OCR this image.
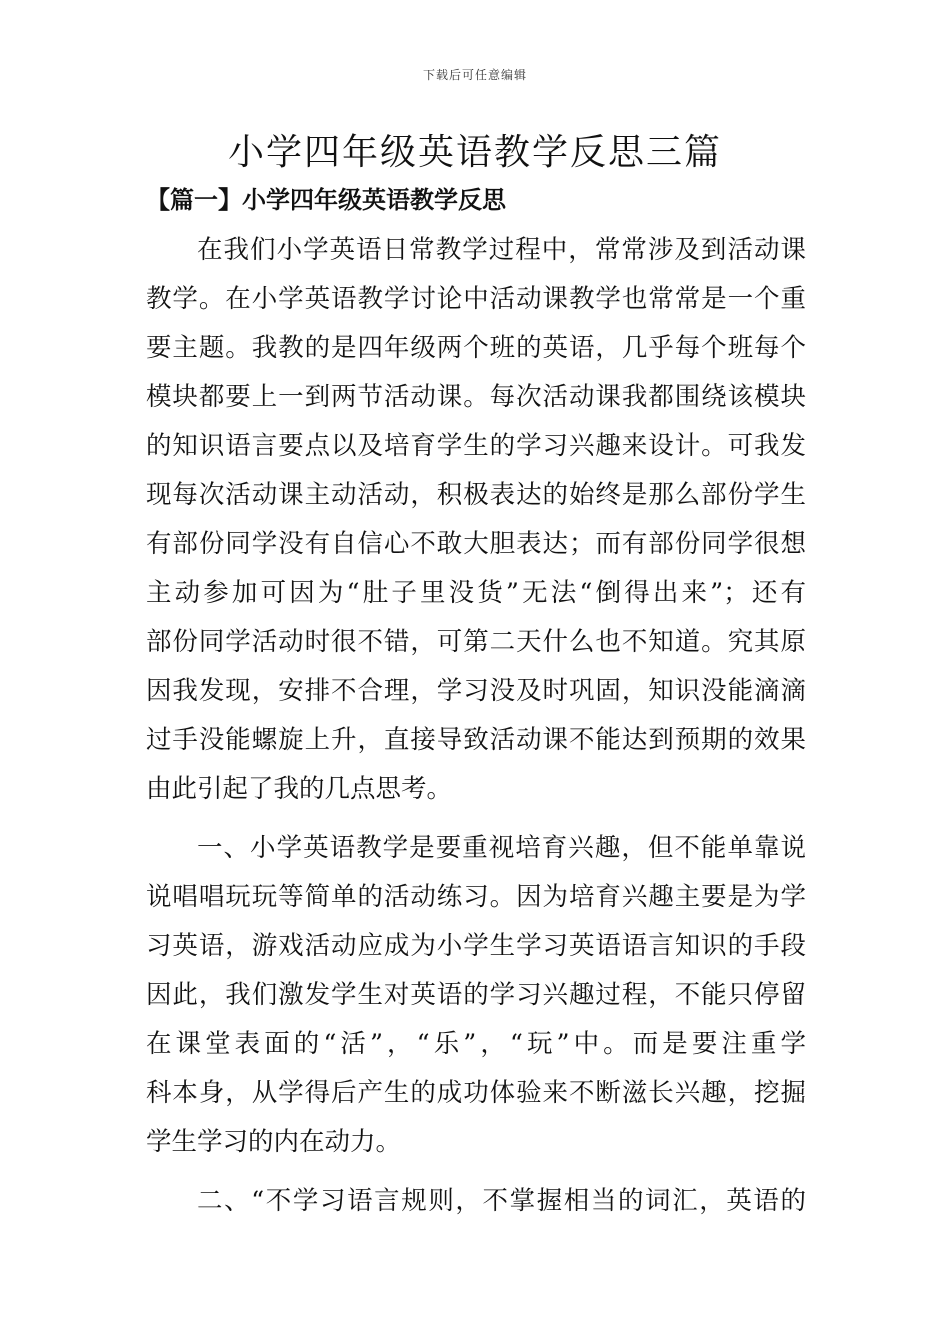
下载后可任意编辑
小学四年级英语教学反思三篇
【篇一】小学四年级英语教学反思
在我们小学英语日常教学过程中，常常涉及到活动课
教学。在小学英语教学讨论中活动课教学也常常是一个重
要主题。我教的是四年级两个班的英语，几乎每个班每个
模块都要上一到两节活动课。每次活动课我都围绕该模块
的知识语言要点以及培育学生的学习兴趣来设计。可我发
现每次活动课主动活动，积极表达的始终是那么部份学生
有部份同学没有自信心不敢大胆表达；而有部份同学很想
主动参加可因为“肚子里没货”无法“倒得出来”；还有
部份同学活动时很不错，可第二天什么也不知道。究其原
因我发现，安排不合理，学习没及时巩固，知识没能滴滴
过手没能螺旋上升，直接导致活动课不能达到预期的效果
由此引起了我的几点思考。
一、小学英语教学是要重视培育兴趣，但不能单靠说
说唱唱玩玩等简单的活动练习。因为培育兴趣主要是为学
习英语，游戏活动应成为小学生学习英语语言知识的手段
因此，我们激发学生对英语的学习兴趣过程，不能只停留
在课堂表面的“活”，“乐”，“玩”中。而是要注重学
科本身，从学得后产生的成功体验来不断滋长兴趣，挖掘
学生学习的内在动力。
二、“不学习语言规则，不掌握相当的词汇，英语的
